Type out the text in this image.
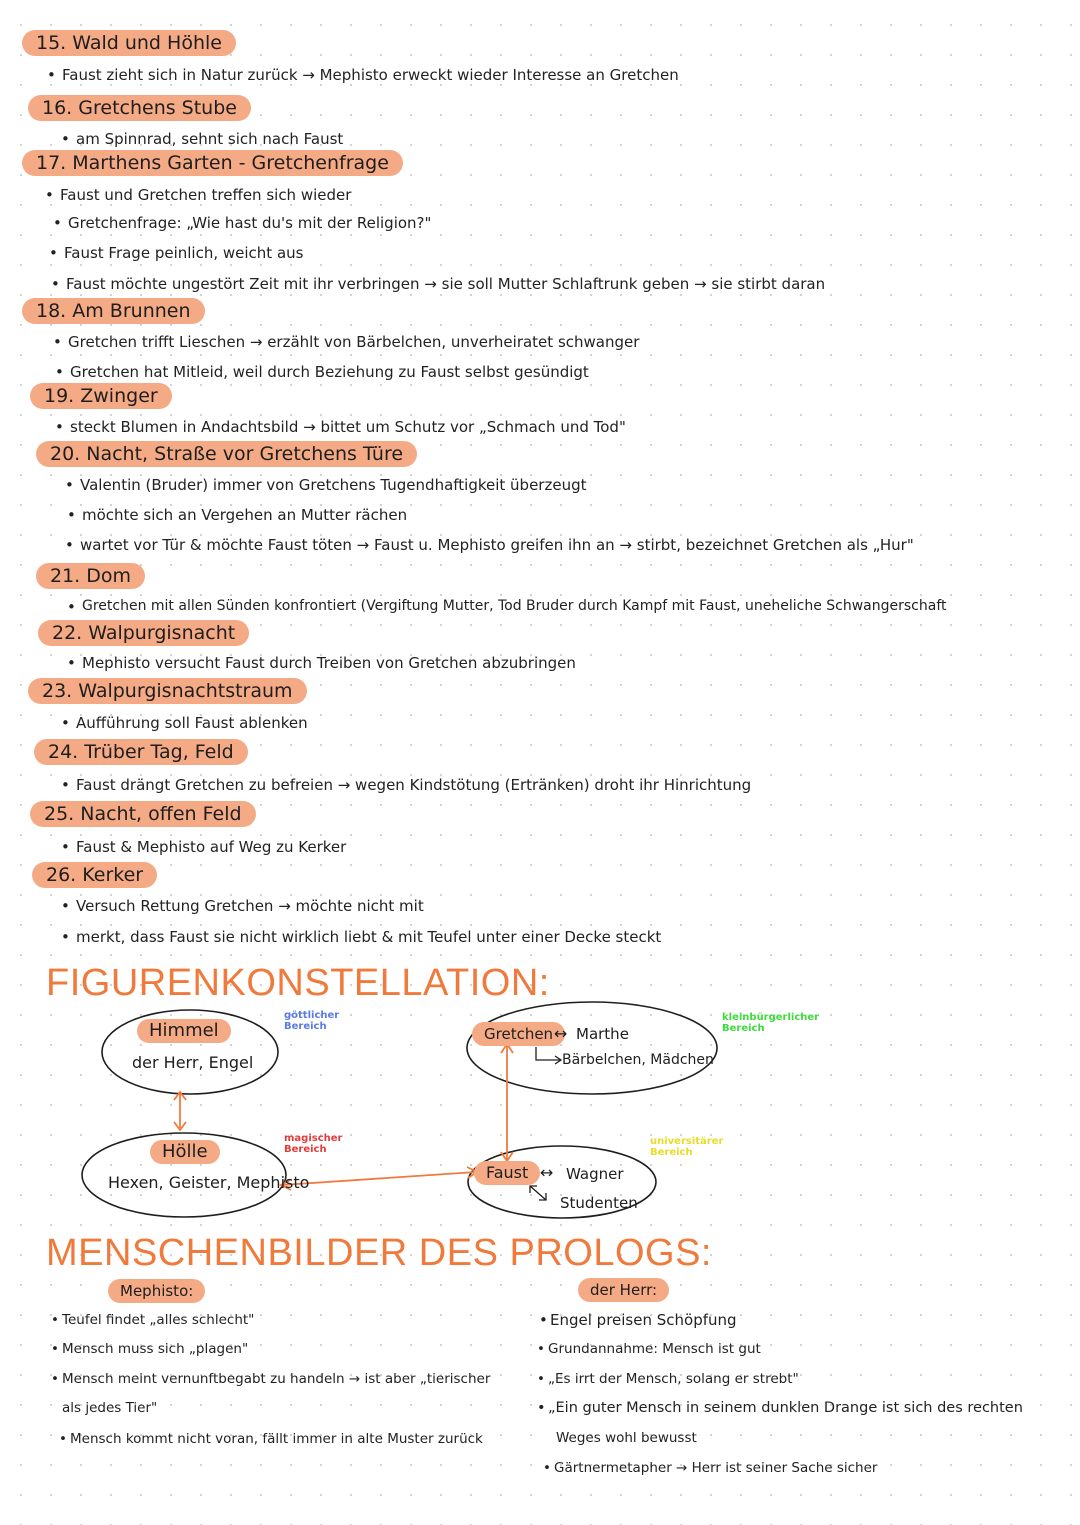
15. Wald und Höhle
• Faust zieht sich in Natur zurück → Mephisto erweckt wieder Interesse an Gretchen
16. Gretchens Stube
• am Spinnrad, sehnt sich nach Faust
17. Marthens Garten - Gretchenfrage
• Faust und Gretchen treffen sich wieder
• Gretchenfrage: „Wie hast du's mit der Religion?"
• Faust Frage peinlich, weicht aus
• Faust möchte ungestört Zeit mit ihr verbringen → sie soll Mutter Schlaftrunk geben → sie stirbt daran
18. Am Brunnen
• Gretchen trifft Lieschen → erzählt von Bärbelchen, unverheiratet schwanger
• Gretchen hat Mitleid, weil durch Beziehung zu Faust selbst gesündigt
19. Zwinger
• steckt Blumen in Andachtsbild → bittet um Schutz vor „Schmach und Tod"
20. Nacht, Straße vor Gretchens Türe
• Valentin (Bruder) immer von Gretchens Tugendhaftigkeit überzeugt
• möchte sich an Vergehen an Mutter rächen
• wartet vor Tür & möchte Faust töten → Faust u. Mephisto greifen ihn an → stirbt, bezeichnet Gretchen als „Hur"
21. Dom
• Gretchen mit allen Sünden konfrontiert (Vergiftung Mutter, Tod Bruder durch Kampf mit Faust, uneheliche Schwangerschaft
22. Walpurgisnacht
• Mephisto versucht Faust durch Treiben von Gretchen abzubringen
23. Walpurgisnachtstraum
• Aufführung soll Faust ablenken
24. Trüber Tag, Feld
• Faust drängt Gretchen zu befreien → wegen Kindstötung (Ertränken) droht ihr Hinrichtung
25. Nacht, offen Feld
• Faust & Mephisto auf Weg zu Kerker
26. Kerker
• Versuch Rettung Gretchen → möchte nicht mit
• merkt, dass Faust sie nicht wirklich liebt & mit Teufel unter einer Decke steckt
FIGURENKONSTELLATION:
Himmel
der Herr, Engel
göttlicher Bereich
Hölle
Hexen, Geister, Mephisto
magischer Bereich
Gretchen ↔ Marthe
Bärbelchen, Mädchen
kleinbürgerlicher Bereich
Faust ↔ Wagner
Studenten
universitärer Bereich
MENSCHENBILDER DES PROLOGS:
Mephisto:
• Teufel findet „alles schlecht"
• Mensch muss sich „plagen"
• Mensch meint vernunftbegabt zu handeln → ist aber „tierischer
als jedes Tier"
• Mensch kommt nicht voran, fällt immer in alte Muster zurück
der Herr:
• Engel preisen Schöpfung
• Grundannahme: Mensch ist gut
• „Es irrt der Mensch, solang er strebt"
• „Ein guter Mensch in seinem dunklen Drange ist sich des rechten
Weges wohl bewusst
• Gärtnermetapher → Herr ist seiner Sache sicher
